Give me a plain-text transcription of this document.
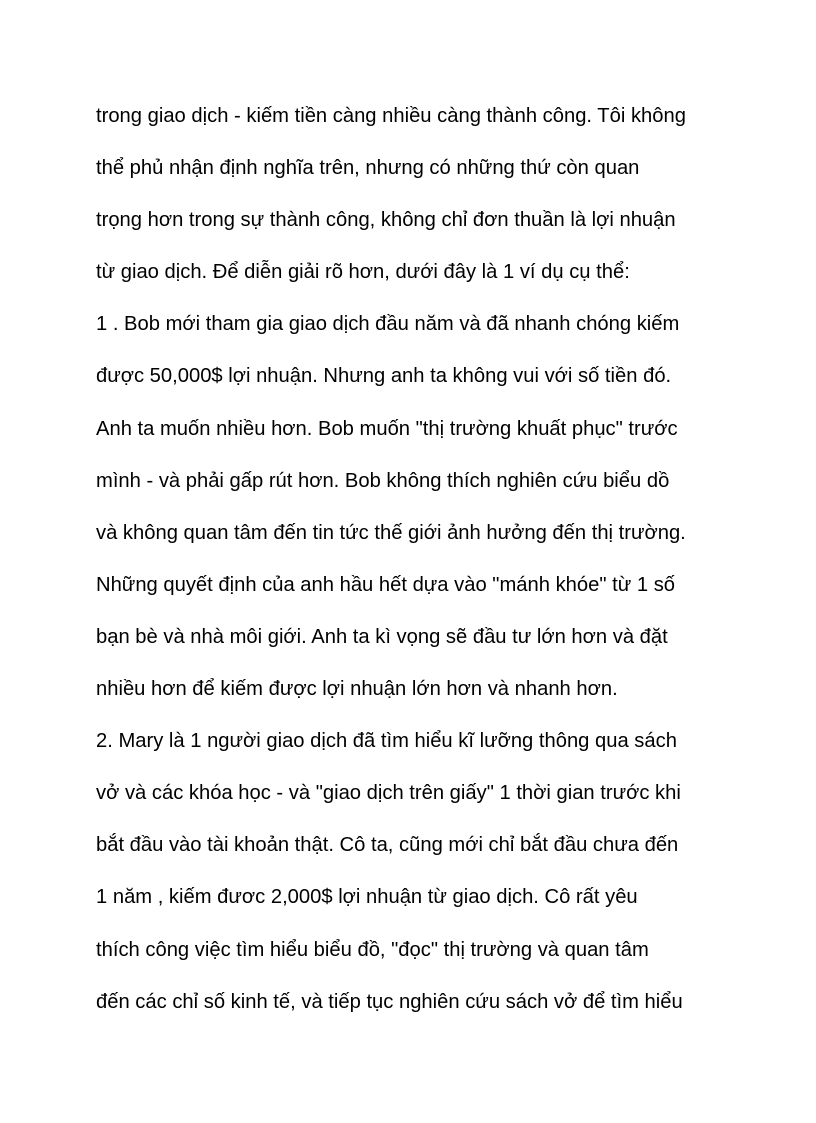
trong giao dịch - kiếm tiền càng nhiều càng thành công. Tôi không
thể phủ nhận định nghĩa trên, nhưng có những thứ còn quan
trọng hơn trong sự thành công, không chỉ đơn thuần là lợi nhuận
từ giao dịch. Để diễn giải rõ hơn, dưới đây là 1 ví dụ cụ thể:
1 . Bob mới tham gia giao dịch đầu năm và đã nhanh chóng kiếm
được 50,000$ lợi nhuận. Nhưng anh ta không vui với số tiền đó.
Anh ta muốn nhiều hơn. Bob muốn "thị trường khuất phục" trước
mình - và phải gấp rút hơn. Bob không thích nghiên cứu biểu dồ
và không quan tâm đến tin tức thế giới ảnh hưởng đến thị trường.
Những quyết định của anh hầu hết dựa vào "mánh khóe" từ 1 số
bạn bè và nhà môi giới. Anh ta kì vọng sẽ đầu tư lớn hơn và đặt
nhiều hơn để kiếm được lợi nhuận lớn hơn và nhanh hơn.
2. Mary là 1 người giao dịch đã tìm hiểu kĩ lưỡng thông qua sách
vở và các khóa học - và "giao dịch trên giấy" 1 thời gian trước khi
bắt đầu vào tài khoản thật. Cô ta, cũng mới chỉ bắt đầu chưa đến
1 năm , kiếm đươc 2,000$ lợi nhuận từ giao dịch. Cô rất yêu
thích công việc tìm hiểu biểu đồ, "đọc" thị trường và quan tâm
đến các chỉ số kinh tế, và tiếp tục nghiên cứu sách vở để tìm hiểu
